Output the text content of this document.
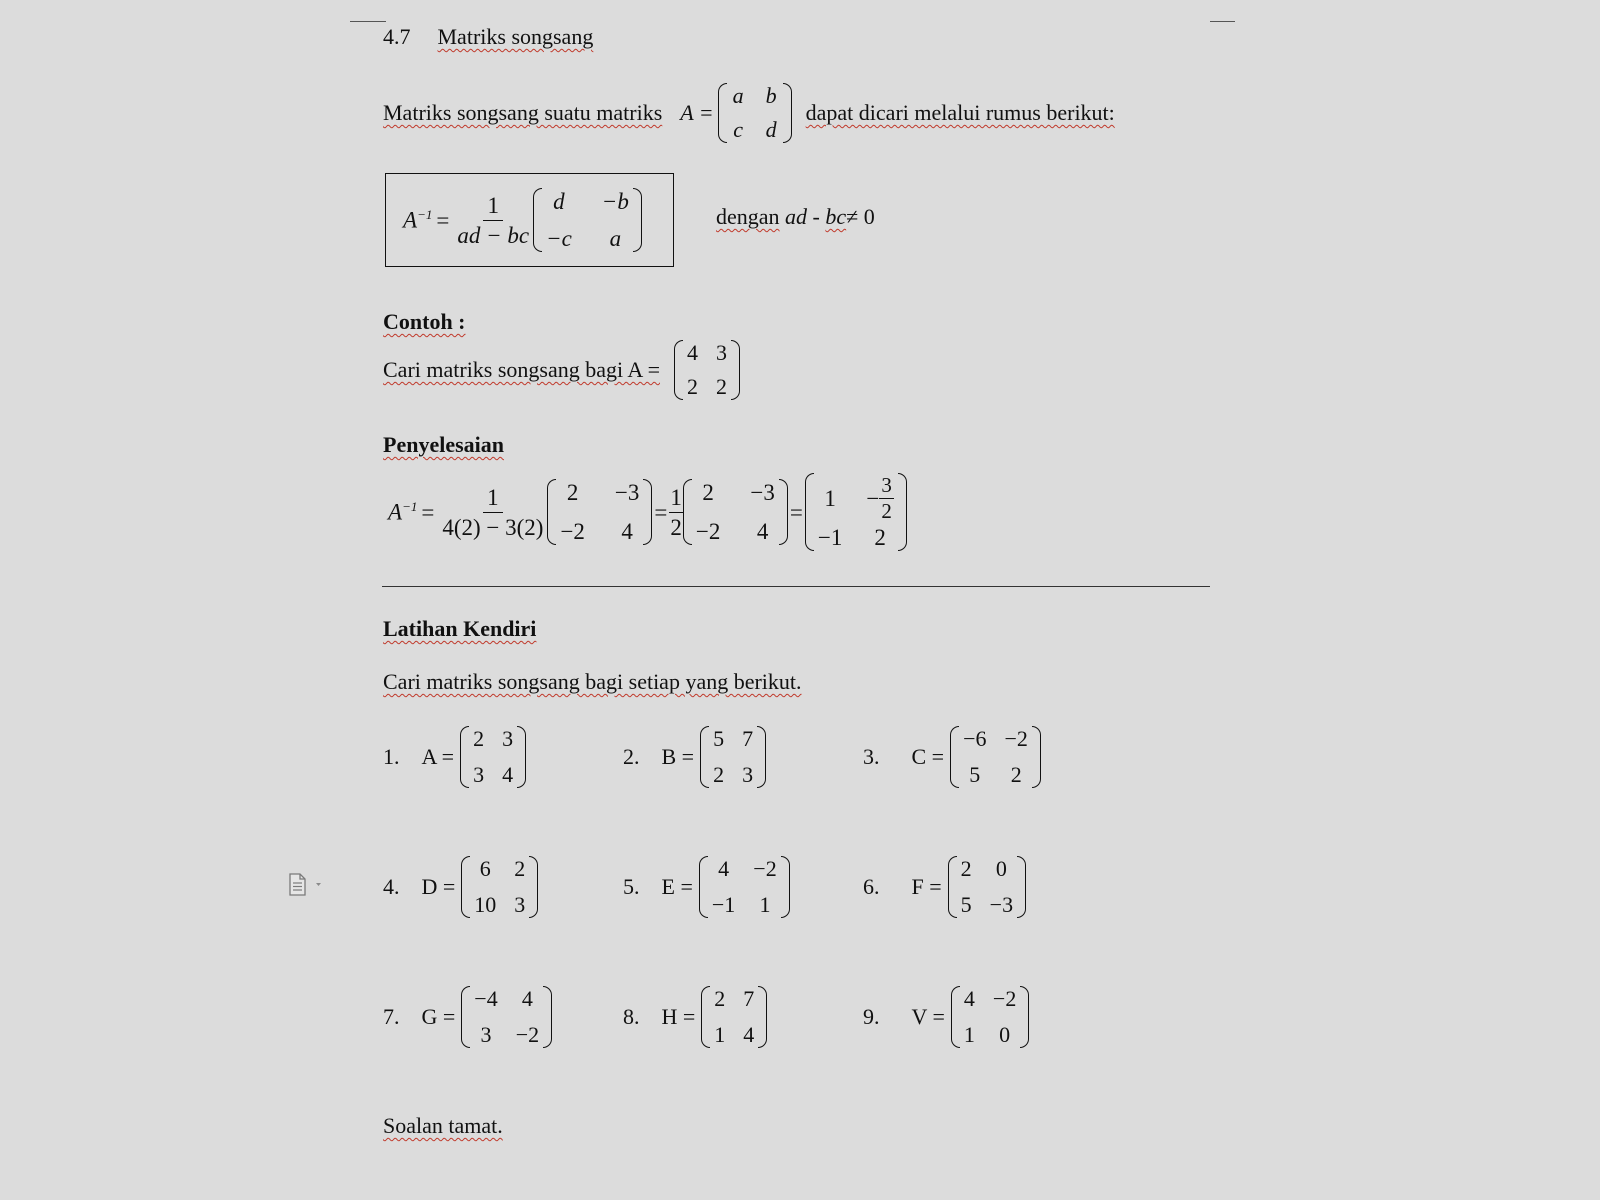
4.7 Matriks songsang
Matriks songsang suatu matriks A =
a b
c d
dapat dicari melalui rumus berikut:
$A^{-1} = \frac{1}{ad - bc}$ d	−b
−c	a
dengan ad - bc≠ 0
Contoh :
Cari matriks songsang bagi A =
4 3
2 2
Penyelesaian
$A^{-1} = \frac{1}{4(2) - 3(2)} 2 -3$
−2 4
= $\frac{1}{2} 2 -3$
−2 4
=
$1 - \frac{3}{2}$
−1	2
Latihan Kendiri
Cari matriks songsang bagi setiap yang berikut.
1. A =
2 3
3 4
2. B =
5 7
2 3
3. C =
−6 −2
5 2
4. D =
6 2
10 3
5. E =
4 −2
−1 1
6. F =
2 0
5 −3
7. G =
−4 4
3 −2
8. H =
2 7
1 4
9. V =
4 −2
1 0
Soalan tamat.
